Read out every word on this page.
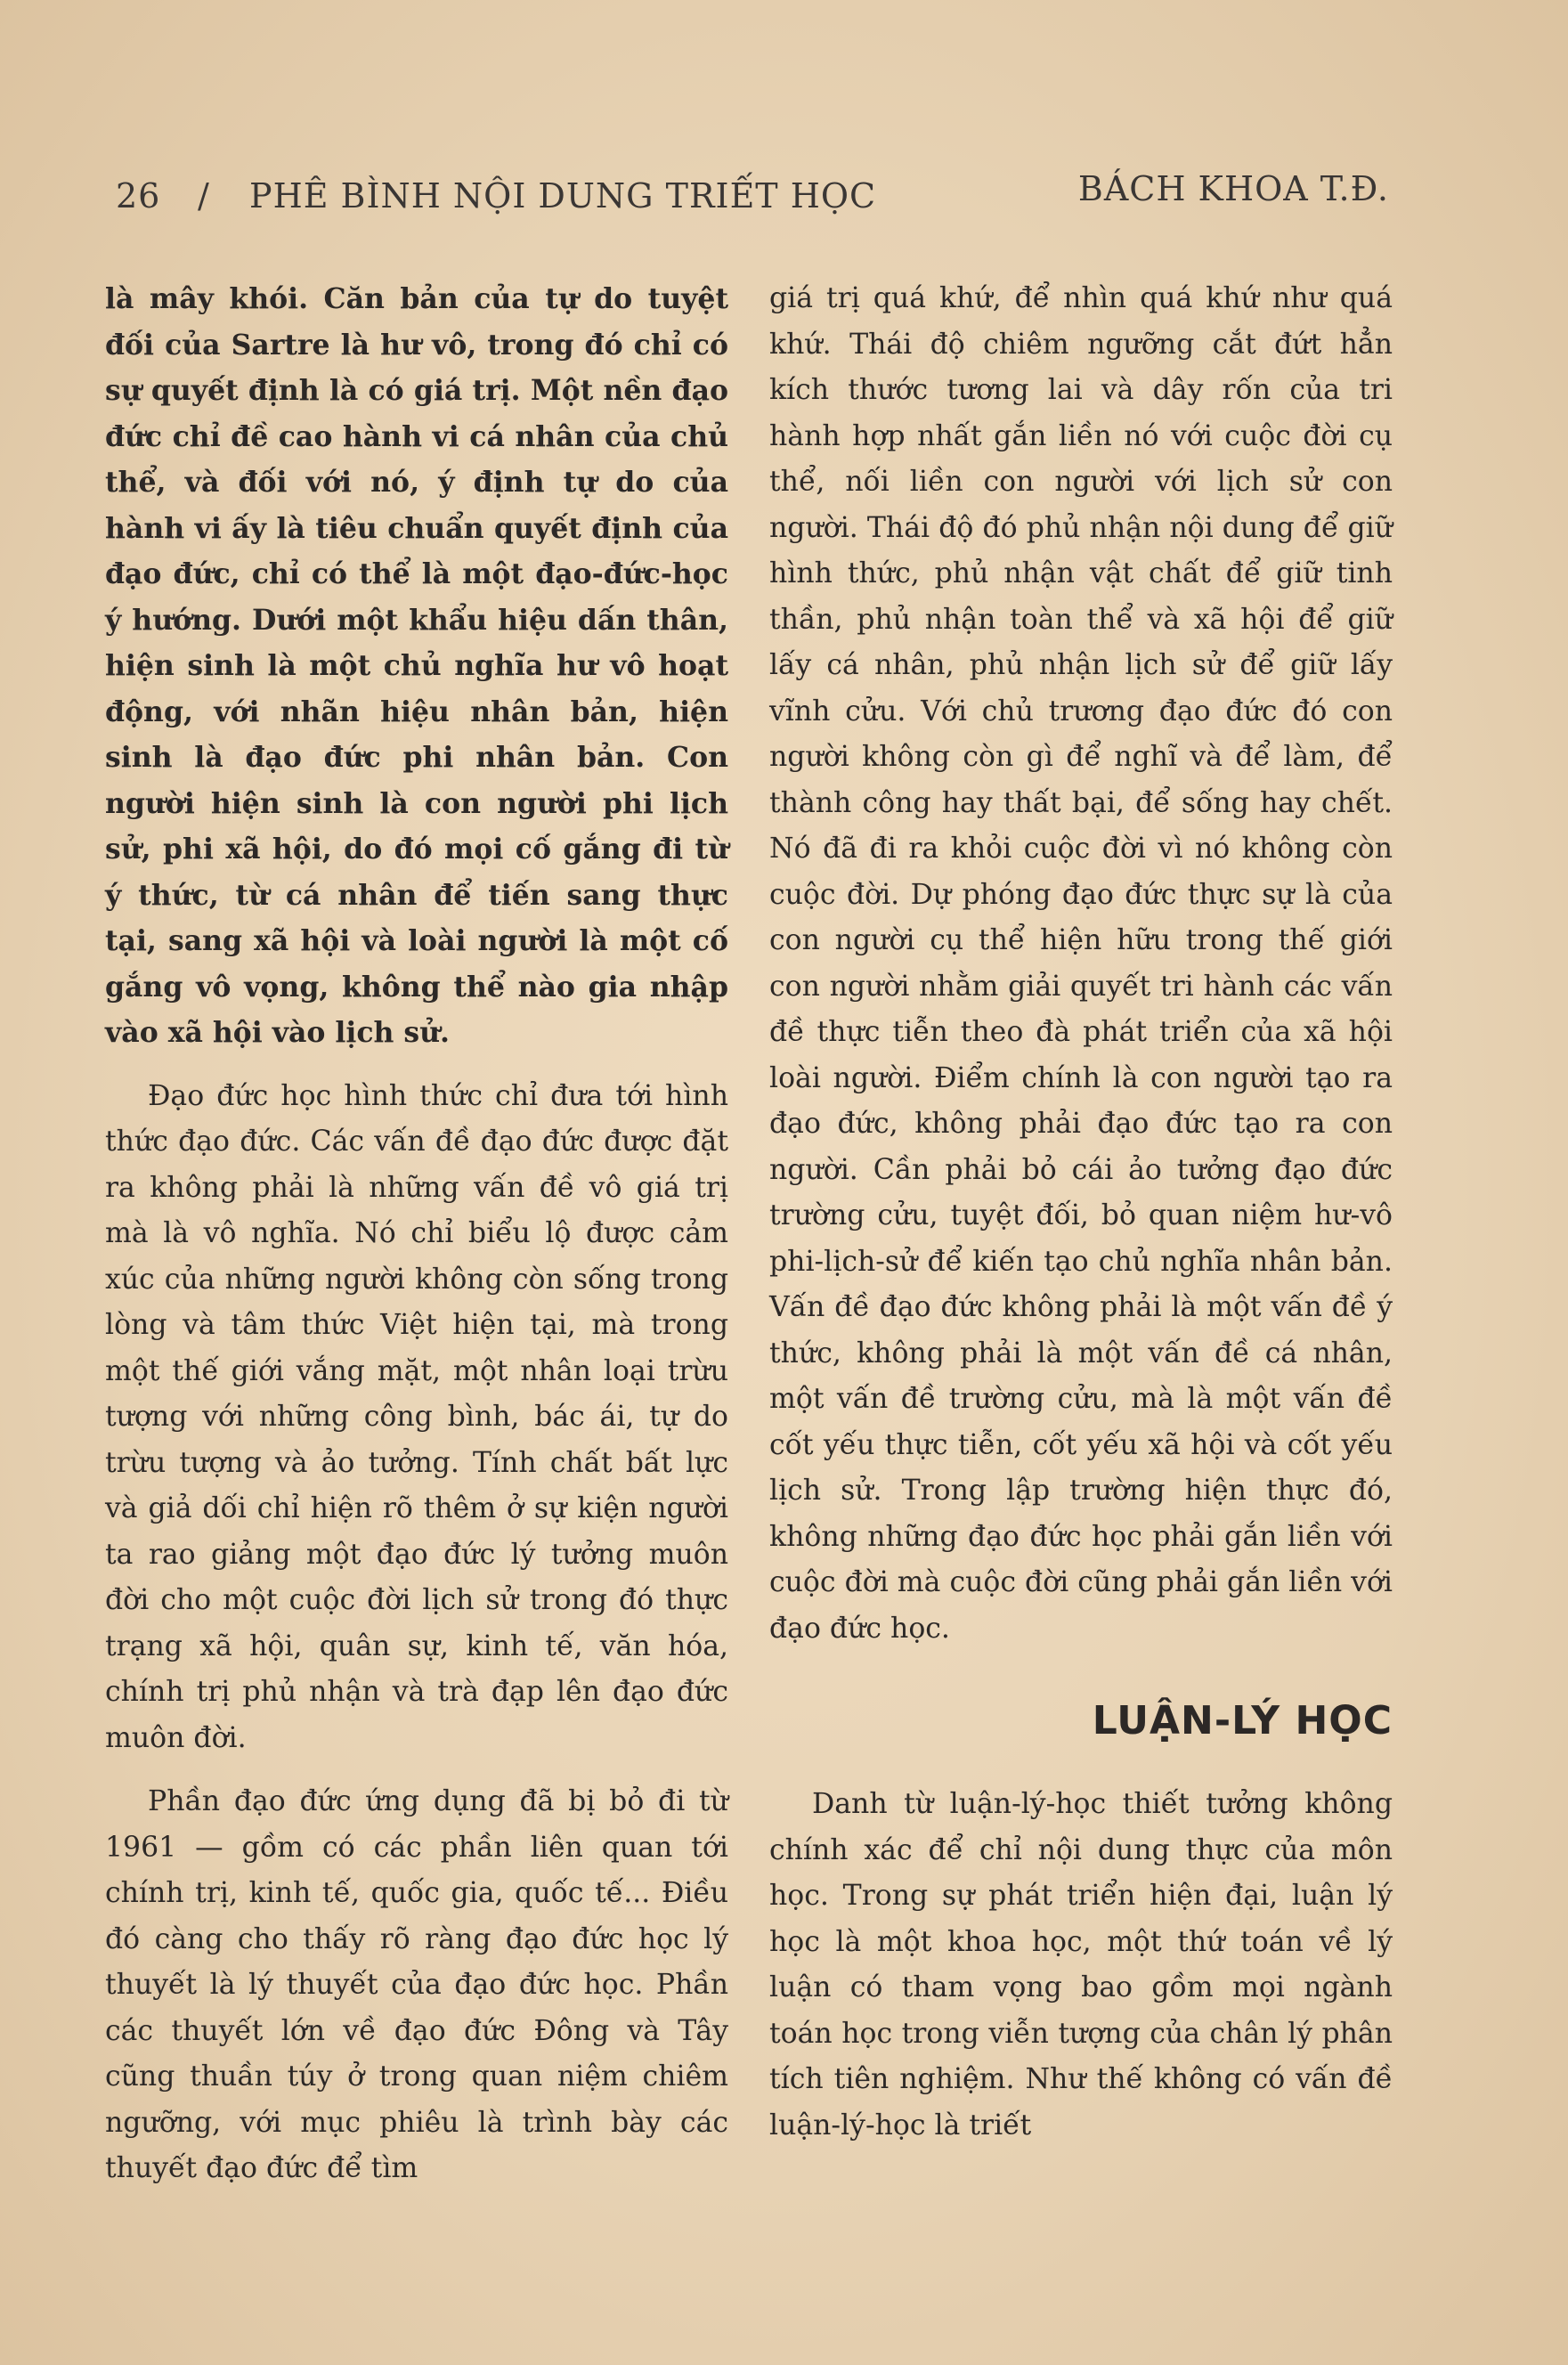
26 / PHÊ BÌNH NỘI DUNG TRIẾT HỌC	BÁCH KHOA T.Đ.

là mây khói. Căn bản của tự do tuyệt đối của Sartre là hư vô, trong đó chỉ có sự quyết định là có giá trị. Một nền đạo đức chỉ đề cao hành vi cá nhân của chủ thể, và đối với nó, ý định tự do của hành vi ấy là tiêu chuẩn quyết định của đạo đức, chỉ có thể là một đạo-đức-học ý hướng. Dưới một khẩu hiệu dấn thân, hiện sinh là một chủ nghĩa hư vô hoạt động, với nhãn hiệu nhân bản, hiện sinh là đạo đức phi nhân bản. Con người hiện sinh là con người phi lịch sử, phi xã hội, do đó mọi cố gắng đi từ ý thức, từ cá nhân để tiến sang thực tại, sang xã hội và loài người là một cố gắng vô vọng, không thể nào gia nhập vào xã hội vào lịch sử.

Đạo đức học hình thức chỉ đưa tới hình thức đạo đức. Các vấn đề đạo đức được đặt ra không phải là những vấn đề vô giá trị mà là vô nghĩa. Nó chỉ biểu lộ được cảm xúc của những người không còn sống trong lòng và tâm thức Việt hiện tại, mà trong một thế giới vắng mặt, một nhân loại trừu tượng với những công bình, bác ái, tự do trừu tượng và ảo tưởng. Tính chất bất lực và giả dối chỉ hiện rõ thêm ở sự kiện người ta rao giảng một đạo đức lý tưởng muôn đời cho một cuộc đời lịch sử trong đó thực trạng xã hội, quân sự, kinh tế, văn hóa, chính trị phủ nhận và trà đạp lên đạo đức muôn đời.

Phần đạo đức ứng dụng đã bị bỏ đi từ 1961 — gồm có các phần liên quan tới chính trị, kinh tế, quốc gia, quốc tế... Điều đó càng cho thấy rõ ràng đạo đức học lý thuyết là lý thuyết của đạo đức học. Phần các thuyết lớn về đạo đức Đông và Tây cũng thuần túy ở trong quan niệm chiêm ngưỡng, với mục phiêu là trình bày các thuyết đạo đức để tìm

giá trị quá khứ, để nhìn quá khứ như quá khứ. Thái độ chiêm ngưỡng cắt đứt hẳn kích thước tương lai và dây rốn của tri hành hợp nhất gắn liền nó với cuộc đời cụ thể, nối liền con người với lịch sử con người. Thái độ đó phủ nhận nội dung để giữ hình thức, phủ nhận vật chất để giữ tinh thần, phủ nhận toàn thể và xã hội để giữ lấy cá nhân, phủ nhận lịch sử để giữ lấy vĩnh cửu. Với chủ trương đạo đức đó con người không còn gì để nghĩ và để làm, để thành công hay thất bại, để sống hay chết. Nó đã đi ra khỏi cuộc đời vì nó không còn cuộc đời. Dự phóng đạo đức thực sự là của con người cụ thể hiện hữu trong thế giới con người nhằm giải quyết tri hành các vấn đề thực tiễn theo đà phát triển của xã hội loài người. Điểm chính là con người tạo ra đạo đức, không phải đạo đức tạo ra con người. Cần phải bỏ cái ảo tưởng đạo đức trường cửu, tuyệt đối, bỏ quan niệm hư-vô phi-lịch-sử để kiến tạo chủ nghĩa nhân bản. Vấn đề đạo đức không phải là một vấn đề ý thức, không phải là một vấn đề cá nhân, một vấn đề trường cửu, mà là một vấn đề cốt yếu thực tiễn, cốt yếu xã hội và cốt yếu lịch sử. Trong lập trường hiện thực đó, không những đạo đức học phải gắn liền với cuộc đời mà cuộc đời cũng phải gắn liền với đạo đức học.

LUẬN-LÝ HỌC

Danh từ luận-lý-học thiết tưởng không chính xác để chỉ nội dung thực của môn học. Trong sự phát triển hiện đại, luận lý học là một khoa học, một thứ toán về lý luận có tham vọng bao gồm mọi ngành toán học trong viễn tượng của chân lý phân tích tiên nghiệm. Như thế không có vấn đề luận-lý-học là triết
